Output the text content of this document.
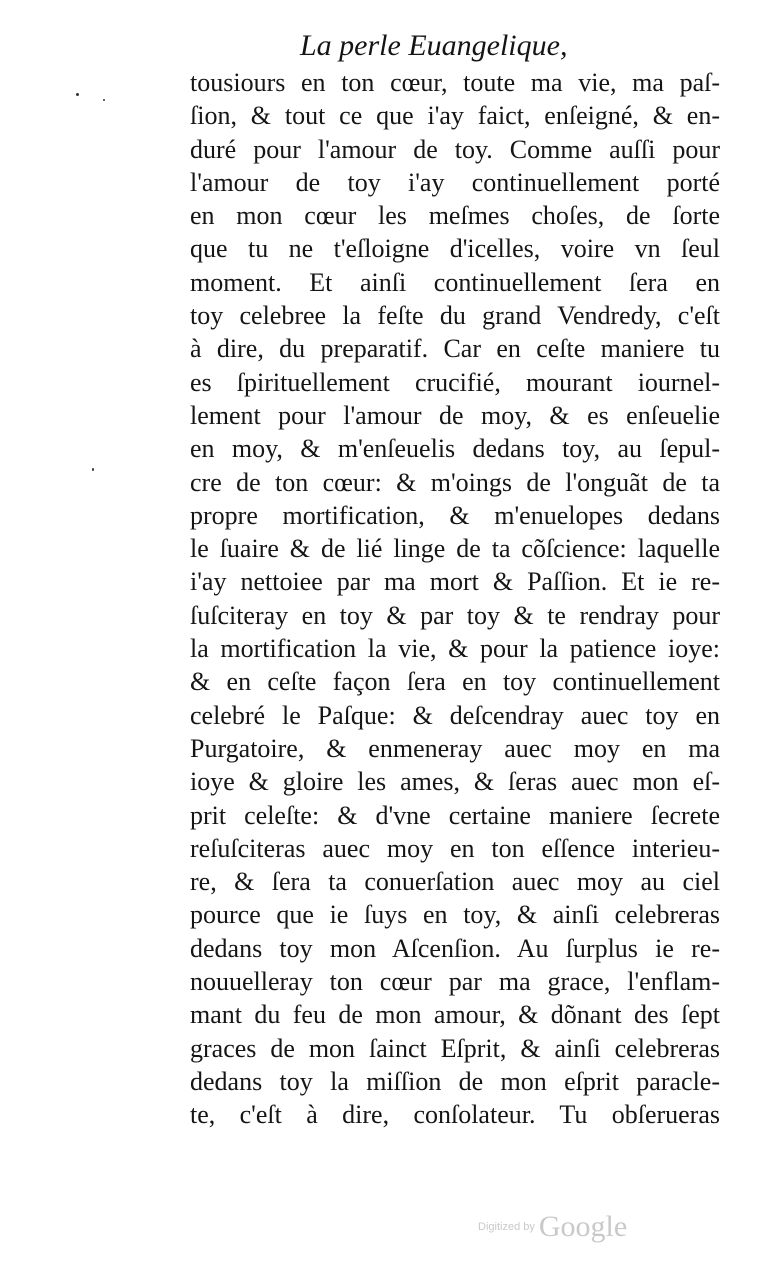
La perle Euangelique,
tousiours en ton cœur, toute ma vie, ma paſ-
ſion, & tout ce que i'ay faict, enſeigné, & en-
duré pour l'amour de toy. Comme auſſi pour
l'amour de toy i'ay continuellement porté
en mon cœur les meſmes choſes, de ſorte
que tu ne t'eſloigne d'icelles, voire vn ſeul
moment. Et ainſi continuellement ſera en
toy celebree la feſte du grand Vendredy, c'eſt
à dire, du preparatif. Car en ceſte maniere tu
es ſpirituellement crucifié, mourant iournel-
lement pour l'amour de moy, & es enſeuelie
en moy, & m'enſeuelis dedans toy, au ſepul-
cre de ton cœur: & m'oings de l'onguãt de ta
propre mortification, & m'enuelopes dedans
le ſuaire & de lié linge de ta cõſcience: laquelle
i'ay nettoiee par ma mort & Paſſion. Et ie re-
ſuſciteray en toy & par toy & te rendray pour
la mortification la vie, & pour la patience ioye:
& en ceſte façon ſera en toy continuellement
celebré le Paſque: & deſcendray auec toy en
Purgatoire, & enmeneray auec moy en ma
ioye & gloire les ames, & ſeras auec mon eſ-
prit celeſte: & d'vne certaine maniere ſecrete
reſuſciteras auec moy en ton eſſence interieu-
re, & ſera ta conuerſation auec moy au ciel
pource que ie ſuys en toy, & ainſi celebreras
dedans toy mon Aſcenſion. Au ſurplus ie re-
nouuelleray ton cœur par ma grace, l'enflam-
mant du feu de mon amour, & dõnant des ſept
graces de mon ſainct Eſprit, & ainſi celebreras
dedans toy la miſſion de mon eſprit paracle-
te, c'eſt à dire, conſolateur. Tu obſerueras
Digitized by Google
